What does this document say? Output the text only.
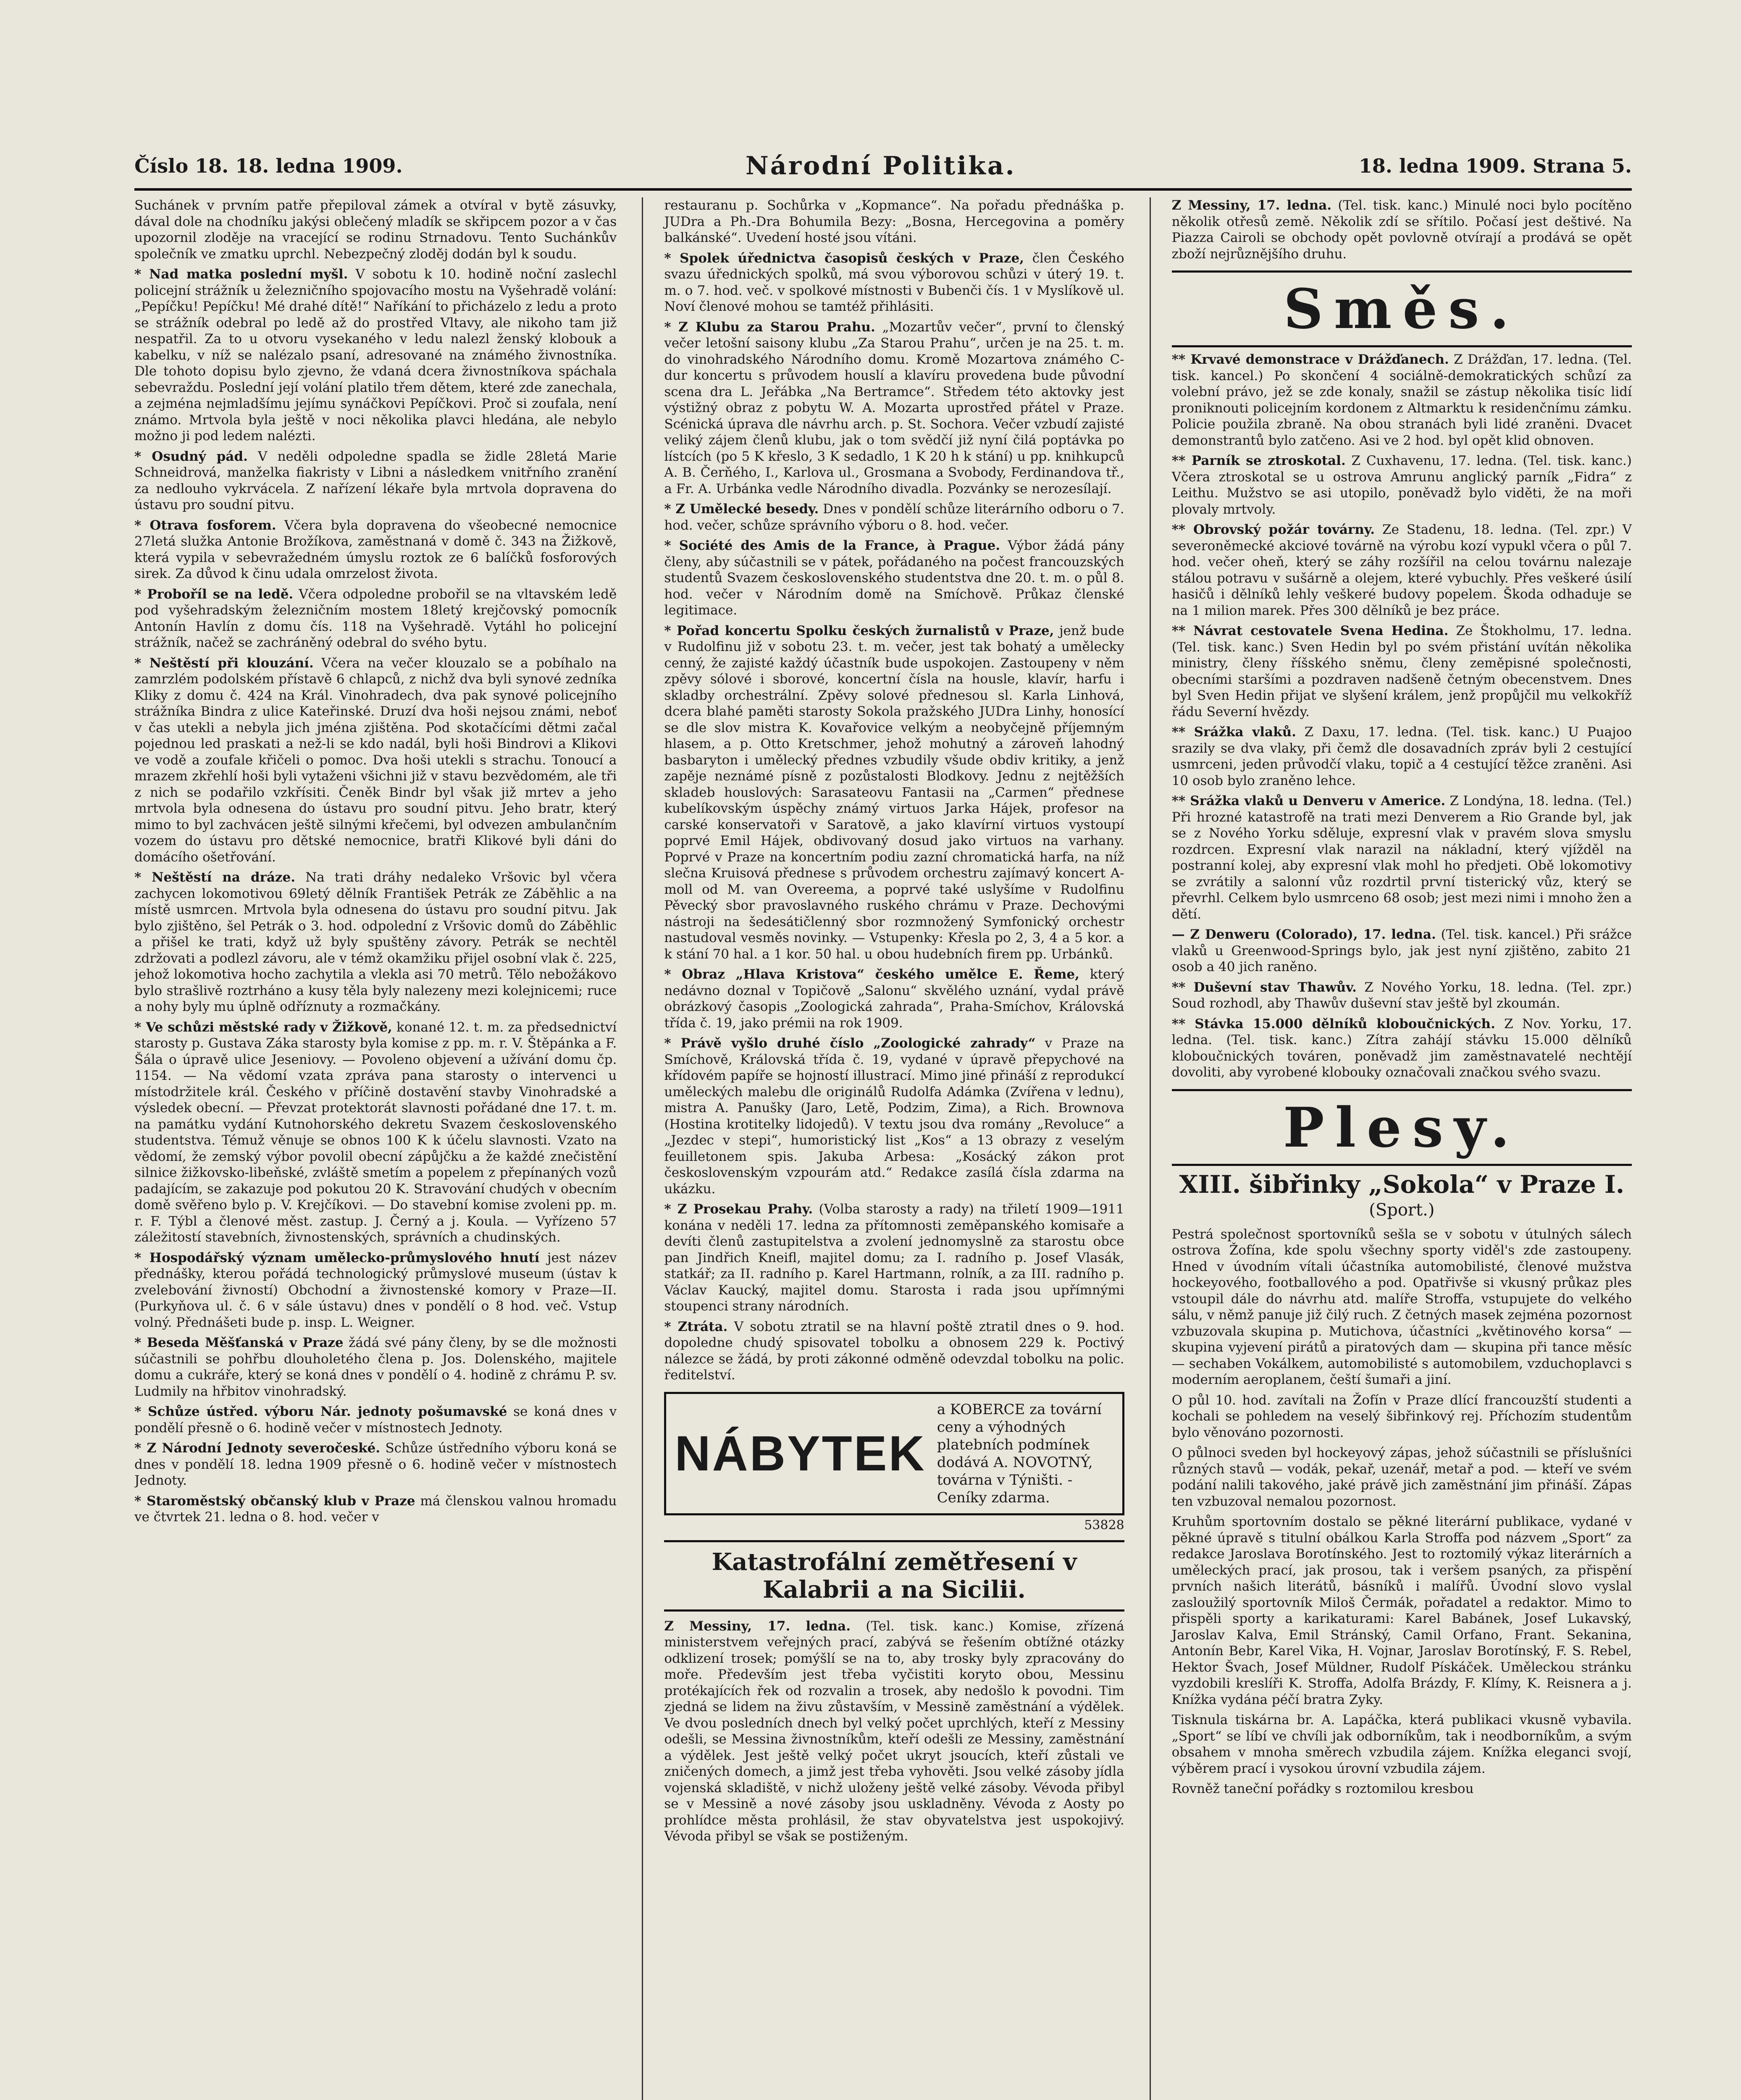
Číslo 18. 18. ledna 1909.	Národní Politika.	18. ledna 1909. Strana 5.

Suchánek v prvním patře přepiloval zámek a otvíral v bytě zásuvky, dával dole na chodníku jakýsi oblečený mladík se skřipcem pozor a v čas upozornil zloděje na vracející se rodinu Strnadovu. Tento Suchánkův společník ve zmatku uprchl. Nebezpečný zloděj dodán byl k soudu.

* Nad matka poslední myšl. V sobotu k 10. hodině noční zaslechl policejní strážník u železničního spojovacího mostu na Vyšehradě volání: „Pepíčku! Pepíčku! Mé drahé dítě!“ Naříkání to přicházelo z ledu a proto se strážník odebral po ledě až do prostřed Vltavy, ale nikoho tam již nespatřil. Za to u otvoru vysekaného v ledu nalezl ženský klobouk a kabelku, v níž se nalézalo psaní, adresované na známého živnostníka. Dle tohoto dopisu bylo zjevno, že vdaná dcera živnostníkova spáchala sebevraždu. Poslední její volání platilo třem dětem, které zde zanechala, a zejména nejmladšímu jejímu synáčkovi Pepíčkovi. Proč si zoufala, není známo. Mrtvola byla ještě v noci několika plavci hledána, ale nebylo možno ji pod ledem nalézti.

* Osudný pád. V neděli odpoledne spadla se židle 28letá Marie Schneidrová, manželka fiakristy v Libni a následkem vnitřního zranění za nedlouho vykrvácela. Z nařízení lékaře byla mrtvola dopravena do ústavu pro soudní pitvu.

* Otrava fosforem. Včera byla dopravena do všeobecné nemocnice 27letá služka Antonie Brožíkova, zaměstnaná v domě č. 343 na Žižkově, která vypila v sebevražedném úmyslu roztok ze 6 balíčků fosforových sirek. Za důvod k činu udala omrzelost života.

* Proboříl se na ledě. Včera odpoledne probořil se na vltavském ledě pod vyšehradským železničním mostem 18letý krejčovský pomocník Antonín Havlín z domu čís. 118 na Vyšehradě. Vytáhl ho policejní strážník, načež se zachráněný odebral do svého bytu.

* Neštěstí při klouzání. Včera na večer klouzalo se a pobíhalo na zamrzlém podolském přístavě 6 chlapců, z nichž dva byli synové zedníka Kliky z domu č. 424 na Král. Vinohradech, dva pak synové policejního strážníka Bindra z ulice Kateřinské. Druzí dva hoši nejsou známi, neboť v čas utekli a nebyla jich jména zjištěna. Pod skotačícími dětmi začal pojednou led praskati a než-li se kdo nadál, byli hoši Bindrovi a Klikovi ve vodě a zoufale křičeli o pomoc. Dva hoši utekli s strachu. Tonoucí a mrazem zkřehlí hoši byli vytaženi všichni již v stavu bezvědomém, ale tři z nich se podařilo vzkřísiti. Čeněk Bindr byl však již mrtev a jeho mrtvola byla odnesena do ústavu pro soudní pitvu. Jeho bratr, který mimo to byl zachvácen ještě silnými křečemi, byl odvezen ambulančním vozem do ústavu pro dětské nemocnice, bratři Klikové byli dáni do domácího ošetřování.

* Neštěstí na dráze. Na trati dráhy nedaleko Vršovic byl včera zachycen lokomotivou 69letý dělník František Petrák ze Záběhlic a na místě usmrcen. Mrtvola byla odnesena do ústavu pro soudní pitvu. Jak bylo zjištěno, šel Petrák o 3. hod. odpolední z Vršovic domů do Záběhlic a přišel ke trati, když už byly spuštěny závory. Petrák se nechtěl zdržovati a podlezl závoru, ale v témž okamžiku přijel osobní vlak č. 225, jehož lokomotiva hocho zachytila a vlekla asi 70 metrů. Tělo nebožákovo bylo strašlivě roztrháno a kusy těla byly nalezeny mezi kolejnicemi; ruce a nohy byly mu úplně odříznuty a rozmačkány.

* Ve schůzi městské rady v Žižkově, konané 12. t. m. za předsednictví starosty p. Gustava Záka starosty byla komise z pp. m. r. V. Štěpánka a F. Šála o úpravě ulice Jeseniovy. — Povoleno objevení a užívání domu čp. 1154. — Na vědomí vzata zpráva pana starosty o intervenci u místodržitele král. Českého v příčině dostavění stavby Vinohradské a výsledek obecní. — Převzat protektorát slavnosti pořádané dne 17. t. m. na památku vydání Kutnohorského dekretu Svazem československého studentstva. Témuž věnuje se obnos 100 K k účelu slavnosti. Vzato na vědomí, že zemský výbor povolil obecní zápůjčku a že každé znečistění silnice žižkovsko-libeňské, zvláště smetím a popelem z přepínaných vozů padajícím, se zakazuje pod pokutou 20 K. Stravování chudých v obecním domě svěřeno bylo p. V. Krejčíkovi. — Do stavební komise zvoleni pp. m. r. F. Týbl a členové měst. zastup. J. Černý a j. Koula. — Vyřízeno 57 záležitostí stavebních, živnostenských, správních a chudinských.

* Hospodářský význam umělecko-průmyslového hnutí jest název přednášky, kterou pořádá technologický průmyslové museum (ústav k zvelebování živností) Obchodní a živnostenské komory v Praze—II. (Purkyňova ul. č. 6 v sále ústavu) dnes v pondělí o 8 hod. več. Vstup volný. Přednášeti bude p. insp. L. Weigner.

* Beseda Měšťanská v Praze žádá své pány členy, by se dle možnosti súčastnili se pohřbu dlouholetého člena p. Jos. Dolenského, majitele domu a cukráře, který se koná dnes v pondělí o 4. hodině z chrámu P. sv. Ludmily na hřbitov vinohradský.

* Schůze ústřed. výboru Nár. jednoty pošumavské se koná dnes v pondělí přesně o 6. hodině večer v místnostech Jednoty.

* Z Národní Jednoty severočeské. Schůze ústředního výboru koná se dnes v pondělí 18. ledna 1909 přesně o 6. hodině večer v místnostech Jednoty.

* Staroměstský občanský klub v Praze má členskou valnou hromadu ve čtvrtek 21. ledna o 8. hod. večer v

restauranu p. Sochůrka v „Kopmance“. Na pořadu přednáška p. JUDra a Ph.-Dra Bohumila Bezy: „Bosna, Hercegovina a poměry balkánské“. Uvedení hosté jsou vítáni.

* Spolek úřednictva časopisů českých v Praze, člen Českého svazu úřednických spolků, má svou výborovou schůzi v úterý 19. t. m. o 7. hod. več. v spolkové místnosti v Bubenči čís. 1 v Myslíkově ul. Noví členové mohou se tamtéž přihlásiti.

* Z Klubu za Starou Prahu. „Mozartův večer“, první to členský večer letošní saisony klubu „Za Starou Prahu“, určen je na 25. t. m. do vinohradského Národního domu. Kromě Mozartova známého C-dur koncertu s průvodem houslí a klavíru provedena bude původní scena dra L. Jeřábka „Na Bertramce“. Středem této aktovky jest výstižný obraz z pobytu W. A. Mozarta uprostřed přátel v Praze. Scénická úprava dle návrhu arch. p. St. Sochora. Večer vzbudí zajisté veliký zájem členů klubu, jak o tom svědčí již nyní čilá poptávka po lístcích (po 5 K křeslo, 3 K sedadlo, 1 K 20 h k stání) u pp. knihkupců A. B. Čerňého, I., Karlova ul., Grosmana a Svobody, Ferdinandova tř., a Fr. A. Urbánka vedle Národního divadla. Pozvánky se nerozesílají.

* Z Umělecké besedy. Dnes v pondělí schůze literárního odboru o 7. hod. večer, schůze správního výboru o 8. hod. večer.

* Société des Amis de la France, à Prague. Výbor žádá pány členy, aby súčastnili se v pátek, pořádaného na počest francouzských studentů Svazem československého studentstva dne 20. t. m. o půl 8. hod. večer v Národním domě na Smíchově. Průkaz členské legitimace.

* Pořad koncertu Spolku českých žurnalistů v Praze, jenž bude v Rudolfinu již v sobotu 23. t. m. večer, jest tak bohatý a umělecky cenný, že zajisté každý účastník bude uspokojen. Zastoupeny v něm zpěvy sólové i sborové, koncertní čísla na housle, klavír, harfu i skladby orchestrální. Zpěvy solové přednesou sl. Karla Linhová, dcera blahé paměti starosty Sokola pražského JUDra Linhy, honosící se dle slov mistra K. Kovařovice velkým a neobyčejně příjemným hlasem, a p. Otto Kretschmer, jehož mohutný a zároveň lahodný basbaryton i umělecký přednes vzbudily všude obdiv kritiky, a jenž zapěje neznámé písně z pozůstalosti Blodkovy. Jednu z nejtěžších skladeb houslových: Sarasateovu Fantasii na „Carmen“ přednese kubelíkovským úspěchy známý virtuos Jarka Hájek, profesor na carské konservatoři v Saratově, a jako klavírní virtuos vystoupí poprvé Emil Hájek, obdivovaný dosud jako virtuos na varhany. Poprvé v Praze na koncertním podiu zazní chromatická harfa, na níž slečna Kruisová přednese s průvodem orchestru zajímavý koncert A-moll od M. van Overeema, a poprvé také uslyšíme v Rudolfinu Pěvecký sbor pravoslavného ruského chrámu v Praze. Dechovými nástroji na šedesátičlenný sbor rozmnožený Symfonický orchestr nastudoval vesměs novinky. — Vstupenky: Křesla po 2, 3, 4 a 5 kor. a k stání 70 hal. a 1 kor. 50 hal. u obou hudebních firem pp. Urbánků.

* Obraz „Hlava Kristova“ českého umělce E. Řeme, který nedávno doznal v Topičově „Salonu“ skvělého uznání, vydal právě obrázkový časopis „Zoologická zahrada“, Praha-Smíchov, Královská třída č. 19, jako prémii na rok 1909.

* Právě vyšlo druhé číslo „Zoologické zahrady“ v Praze na Smíchově, Královská třída č. 19, vydané v úpravě přepychové na křídovém papíře se hojností illustrací. Mimo jiné přináší z reprodukcí uměleckých malebu dle originálů Rudolfa Adámka (Zvířena v lednu), mistra A. Panušky (Jaro, Letě, Podzim, Zima), a Rich. Brownova (Hostina krotitelky lidojedů). V textu jsou dva romány „Revoluce“ a „Jezdec v stepi“, humoristický list „Kos“ a 13 obrazy z veselým feuilletonem spis. Jakuba Arbesa: „Kosácký zákon prot československým vzpourám atd.“ Redakce zasílá čísla zdarma na ukázku.

* Z Prosekau Prahy. (Volba starosty a rady) na třiletí 1909—1911 konána v neděli 17. ledna za přítomnosti zeměpanského komisaře a devíti členů zastupitelstva a zvolení jednomyslně za starostu obce pan Jindřich Kneifl, majitel domu; za I. radního p. Josef Vlasák, statkář; za II. radního p. Karel Hartmann, rolník, a za III. radního p. Václav Kaucký, majitel domu. Starosta i rada jsou upřímnými stoupenci strany národních.

* Ztráta. V sobotu ztratil se na hlavní poště ztratil dnes o 9. hod. dopoledne chudý spisovatel tobolku a obnosem 229 k. Poctivý nálezce se žádá, by proti zákonné odměně odevzdal tobolku na polic. ředitelství.

NÁBYTEK
a KOBERCE za tovární ceny a výhodných platebních podmínek dodává A. NOVOTNÝ, továrna v Týništi. - Ceníky zdarma.
53828
Katastrofální zemětřesení v Kalabrii a na Sicilii.

Z Messiny, 17. ledna. (Tel. tisk. kanc.) Komise, zřízená ministerstvem veřejných prací, zabývá se řešením obtížné otázky odklizení trosek; pomýšlí se na to, aby trosky byly zpracovány do moře. Především jest třeba vyčistiti koryto obou, Messinu protékajících řek od rozvalin a trosek, aby nedošlo k povodni. Tim zjedná se lidem na živu zůstavším, v Messině zaměstnání a výdělek. Ve dvou posledních dnech byl velký počet uprchlých, kteří z Messiny odešli, se Messina živnostníkům, kteří odešli ze Messiny, zaměstnání a výdělek. Jest ještě velký počet ukryt jsoucích, kteří zůstali ve zničených domech, a jimž jest třeba vyhověti. Jsou velké zásoby jídla vojenská skladiště, v nichž uloženy ještě velké zásoby. Vévoda přibyl se v Messině a nové zásoby jsou uskladněny. Vévoda z Aosty po prohlídce města prohlásil, že stav obyvatelstva jest uspokojivý. Vévoda přibyl se však se postiženým.

Z Messiny, 17. ledna. (Tel. tisk. kanc.) Minulé noci bylo pocítěno několik otřesů země. Několik zdí se sřítilo. Počasí jest deštivé. Na Piazza Cairoli se obchody opět povlovně otvírají a prodává se opět zboží nejrůznějšího druhu.

Směs.

** Krvavé demonstrace v Drážďanech. Z Drážďan, 17. ledna. (Tel. tisk. kancel.) Po skončení 4 sociálně-demokratických schůzí za volební právo, jež se zde konaly, snažil se zástup několika tisíc lidí proniknouti policejním kordonem z Altmarktu k residenčnímu zámku. Policie použila zbraně. Na obou stranách byli lidé zraněni. Dvacet demonstrantů bylo zatčeno. Asi ve 2 hod. byl opět klid obnoven.

** Parník se ztroskotal. Z Cuxhavenu, 17. ledna. (Tel. tisk. kanc.) Včera ztroskotal se u ostrova Amrunu anglický parník „Fidra“ z Leithu. Mužstvo se asi utopilo, poněvadž bylo viděti, že na moři plovaly mrtvoly.

** Obrovský požár továrny. Ze Stadenu, 18. ledna. (Tel. zpr.) V severoněmecké akciové továrně na výrobu kozí vypukl včera o půl 7. hod. večer oheň, který se záhy rozšířil na celou továrnu nalezaje stálou potravu v sušárně a olejem, které vybuchly. Přes veškeré úsilí hasičů i dělníků lehly veškeré budovy popelem. Škoda odhaduje se na 1 milion marek. Přes 300 dělníků je bez práce.

** Návrat cestovatele Svena Hedina. Ze Štokholmu, 17. ledna. (Tel. tisk. kanc.) Sven Hedin byl po svém přistání uvítán několika ministry, členy říšského sněmu, členy zeměpisné společnosti, obecními staršími a pozdraven nadšeně četným obecenstvem. Dnes byl Sven Hedin přijat ve slyšení králem, jenž propůjčil mu velkokříž řádu Severní hvězdy.

** Srážka vlaků. Z Daxu, 17. ledna. (Tel. tisk. kanc.) U Puajoo srazily se dva vlaky, při čemž dle dosavadních zpráv byli 2 cestující usmrceni, jeden průvodčí vlaku, topič a 4 cestující těžce zraněni. Asi 10 osob bylo zraněno lehce.

** Srážka vlaků u Denveru v Americe. Z Londýna, 18. ledna. (Tel.) Při hrozné katastrofě na trati mezi Denverem a Rio Grande byl, jak se z Nového Yorku sděluje, expresní vlak v pravém slova smyslu rozdrcen. Expresní vlak narazil na nákladní, který vjížděl na postranní kolej, aby expresní vlak mohl ho předjeti. Obě lokomotivy se zvrátily a salonní vůz rozdrtil první tisterický vůz, který se převrhl. Celkem bylo usmrceno 68 osob; jest mezi nimi i mnoho žen a dětí.

— Z Denweru (Colorado), 17. ledna. (Tel. tisk. kancel.) Při srážce vlaků u Greenwood-Springs bylo, jak jest nyní zjištěno, zabito 21 osob a 40 jich raněno.

** Duševní stav Thawův. Z Nového Yorku, 18. ledna. (Tel. zpr.) Soud rozhodl, aby Thawův duševní stav ještě byl zkoumán.

** Stávka 15.000 dělníků kloboučnických. Z Nov. Yorku, 17. ledna. (Tel. tisk. kanc.) Zítra zahájí stávku 15.000 dělníků kloboučnických továren, poněvadž jim zaměstnavatelé nechtějí dovoliti, aby vyrobené klobouky označovali značkou svého svazu.

Plesy.
XIII. šibřinky „Sokola“ v Praze I.
(Sport.)

Pestrá společnost sportovníků sešla se v sobotu v útulných sálech ostrova Žofína, kde spolu všechny sporty viděl's zde zastoupeny. Hned v úvodním vítali účastníka automobilisté, členové mužstva hockeyového, footballového a pod. Opatřivše si vkusný průkaz ples vstoupil dále do návrhu atd. malíře Stroffa, vstupujete do velkého sálu, v němž panuje již čilý ruch. Z četných masek zejména pozornost vzbuzovala skupina p. Mutichova, účastníci „květinového korsa“ — skupina vyjevení pirátů a piratových dam — skupina při tance měsíc — sechaben Vokálkem, automobilisté s automobilem, vzduchoplavci s moderním aeroplanem, čeští šumaři a jiní.

O půl 10. hod. zavítali na Žofín v Praze dlící francouzští studenti a kochali se pohledem na veselý šibřinkový rej. Příchozím studentům bylo věnováno pozornosti.

O půlnoci sveden byl hockeyový zápas, jehož súčastnili se příslušníci různých stavů — vodák, pekař, uzenář, metař a pod. — kteří ve svém podání nalili takového, jaké právě jich zaměstnání jim přináší. Zápas ten vzbuzoval nemalou pozornost.

Kruhům sportovním dostalo se pěkné literární publikace, vydané v pěkné úpravě s titulní obálkou Karla Stroffa pod názvem „Sport“ za redakce Jaroslava Borotínského. Jest to roztomilý výkaz literárních a uměleckých prací, jak prosou, tak i veršem psaných, za přispění prvních našich literátů, básníků i malířů. Úvodní slovo vyslal zasloužilý sportovník Miloš Čermák, pořadatel a redaktor. Mimo to přispěli sporty a karikaturami: Karel Babánek, Josef Lukavský, Jaroslav Kalva, Emil Stránský, Camil Orfano, Frant. Sekanina, Antonín Bebr, Karel Vika, H. Vojnar, Jaroslav Borotínský, F. S. Rebel, Hektor Švach, Josef Müldner, Rudolf Pískáček. Uměleckou stránku vyzdobili kreslíři K. Stroffa, Adolfa Brázdy, F. Klímy, K. Reisnera a j. Knížka vydána péčí bratra Zyky.

Tisknula tiskárna br. A. Lapáčka, která publikaci vkusně vybavila. „Sport“ se líbí ve chvíli jak odborníkům, tak i neodborníkům, a svým obsahem v mnoha směrech vzbudila zájem. Knížka eleganci svojí, výběrem prací i vysokou úrovní vzbudila zájem.

Rovněž taneční pořádky s roztomilou kresbou
